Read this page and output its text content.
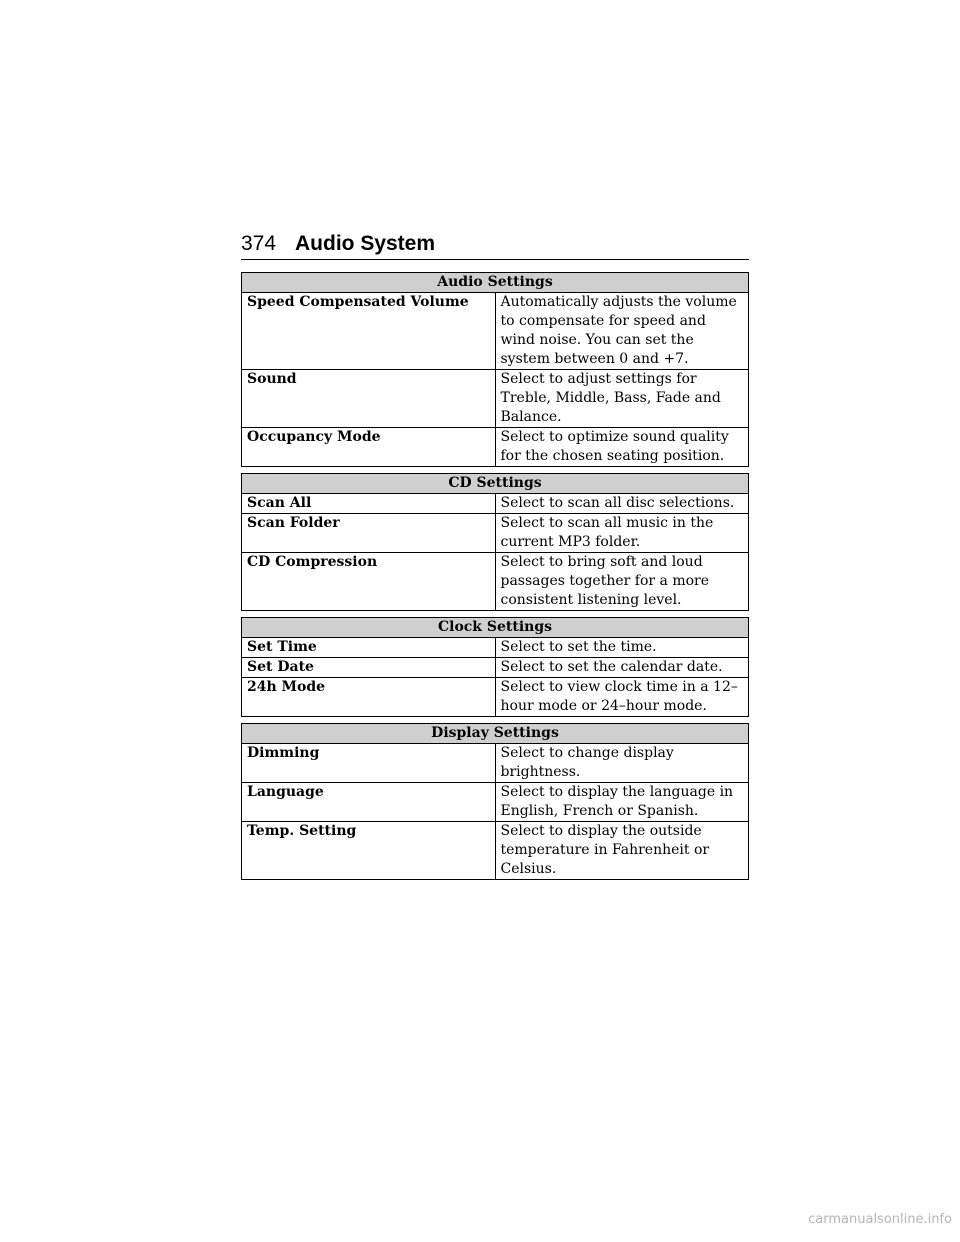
374 Audio System
Audio Settings	
Speed Compensated Volume	Automatically adjusts the volume to compensate for speed and wind noise. You can set the system between 0 and +7.
Sound	Select to adjust settings for Treble, Middle, Bass, Fade and Balance.
Occupancy Mode	Select to optimize sound quality for the chosen seating position.
CD Settings	
Scan All	Select to scan all disc selections.
Scan Folder	Select to scan all music in the current MP3 folder.
CD Compression	Select to bring soft and loud passages together for a more consistent listening level.
Clock Settings	
Set Time	Select to set the time.
Set Date	Select to set the calendar date.
24h Mode	Select to view clock time in a 12–hour mode or 24–hour mode.
Display Settings	
Dimming	Select to change display brightness.
Language	Select to display the language in English, French or Spanish.
Temp. Setting	Select to display the outside temperature in Fahrenheit or Celsius.
carmanualsonline.info
